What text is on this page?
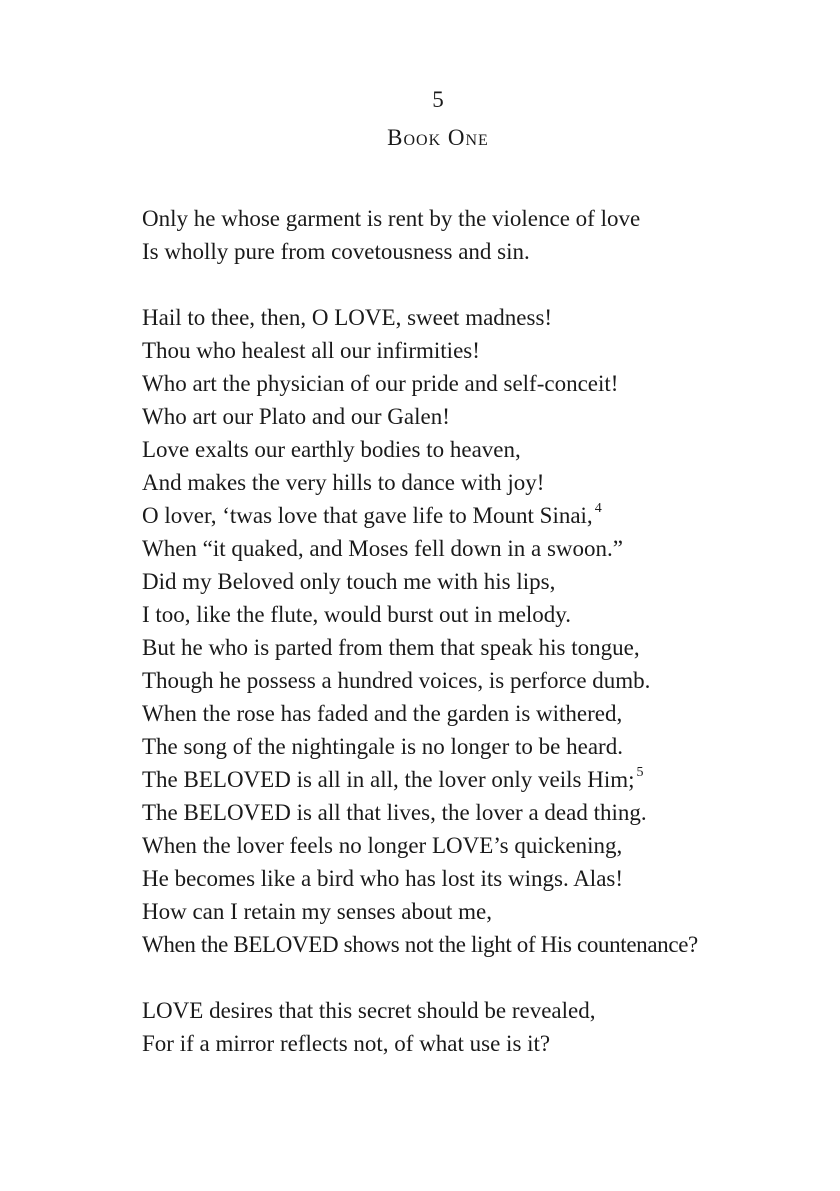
5
Book One
Only he whose garment is rent by the violence of love
Is wholly pure from covetousness and sin.
Hail to thee, then, O LOVE, sweet madness!
Thou who healest all our infirmities!
Who art the physician of our pride and self-conceit!
Who art our Plato and our Galen!
Love exalts our earthly bodies to heaven,
And makes the very hills to dance with joy!
O lover, ‘twas love that gave life to Mount Sinai, $^4$
When “it quaked, and Moses fell down in a swoon.”
Did my Beloved only touch me with his lips,
I too, like the flute, would burst out in melody.
But he who is parted from them that speak his tongue,
Though he possess a hundred voices, is perforce dumb.
When the rose has faded and the garden is withered,
The song of the nightingale is no longer to be heard.
The BELOVED is all in all, the lover only veils Him; $^5$
The BELOVED is all that lives, the lover a dead thing.
When the lover feels no longer LOVE’s quickening,
He becomes like a bird who has lost its wings. Alas!
How can I retain my senses about me,
When the BELOVED shows not the light of His countenance?
LOVE desires that this secret should be revealed,
For if a mirror reflects not, of what use is it?
